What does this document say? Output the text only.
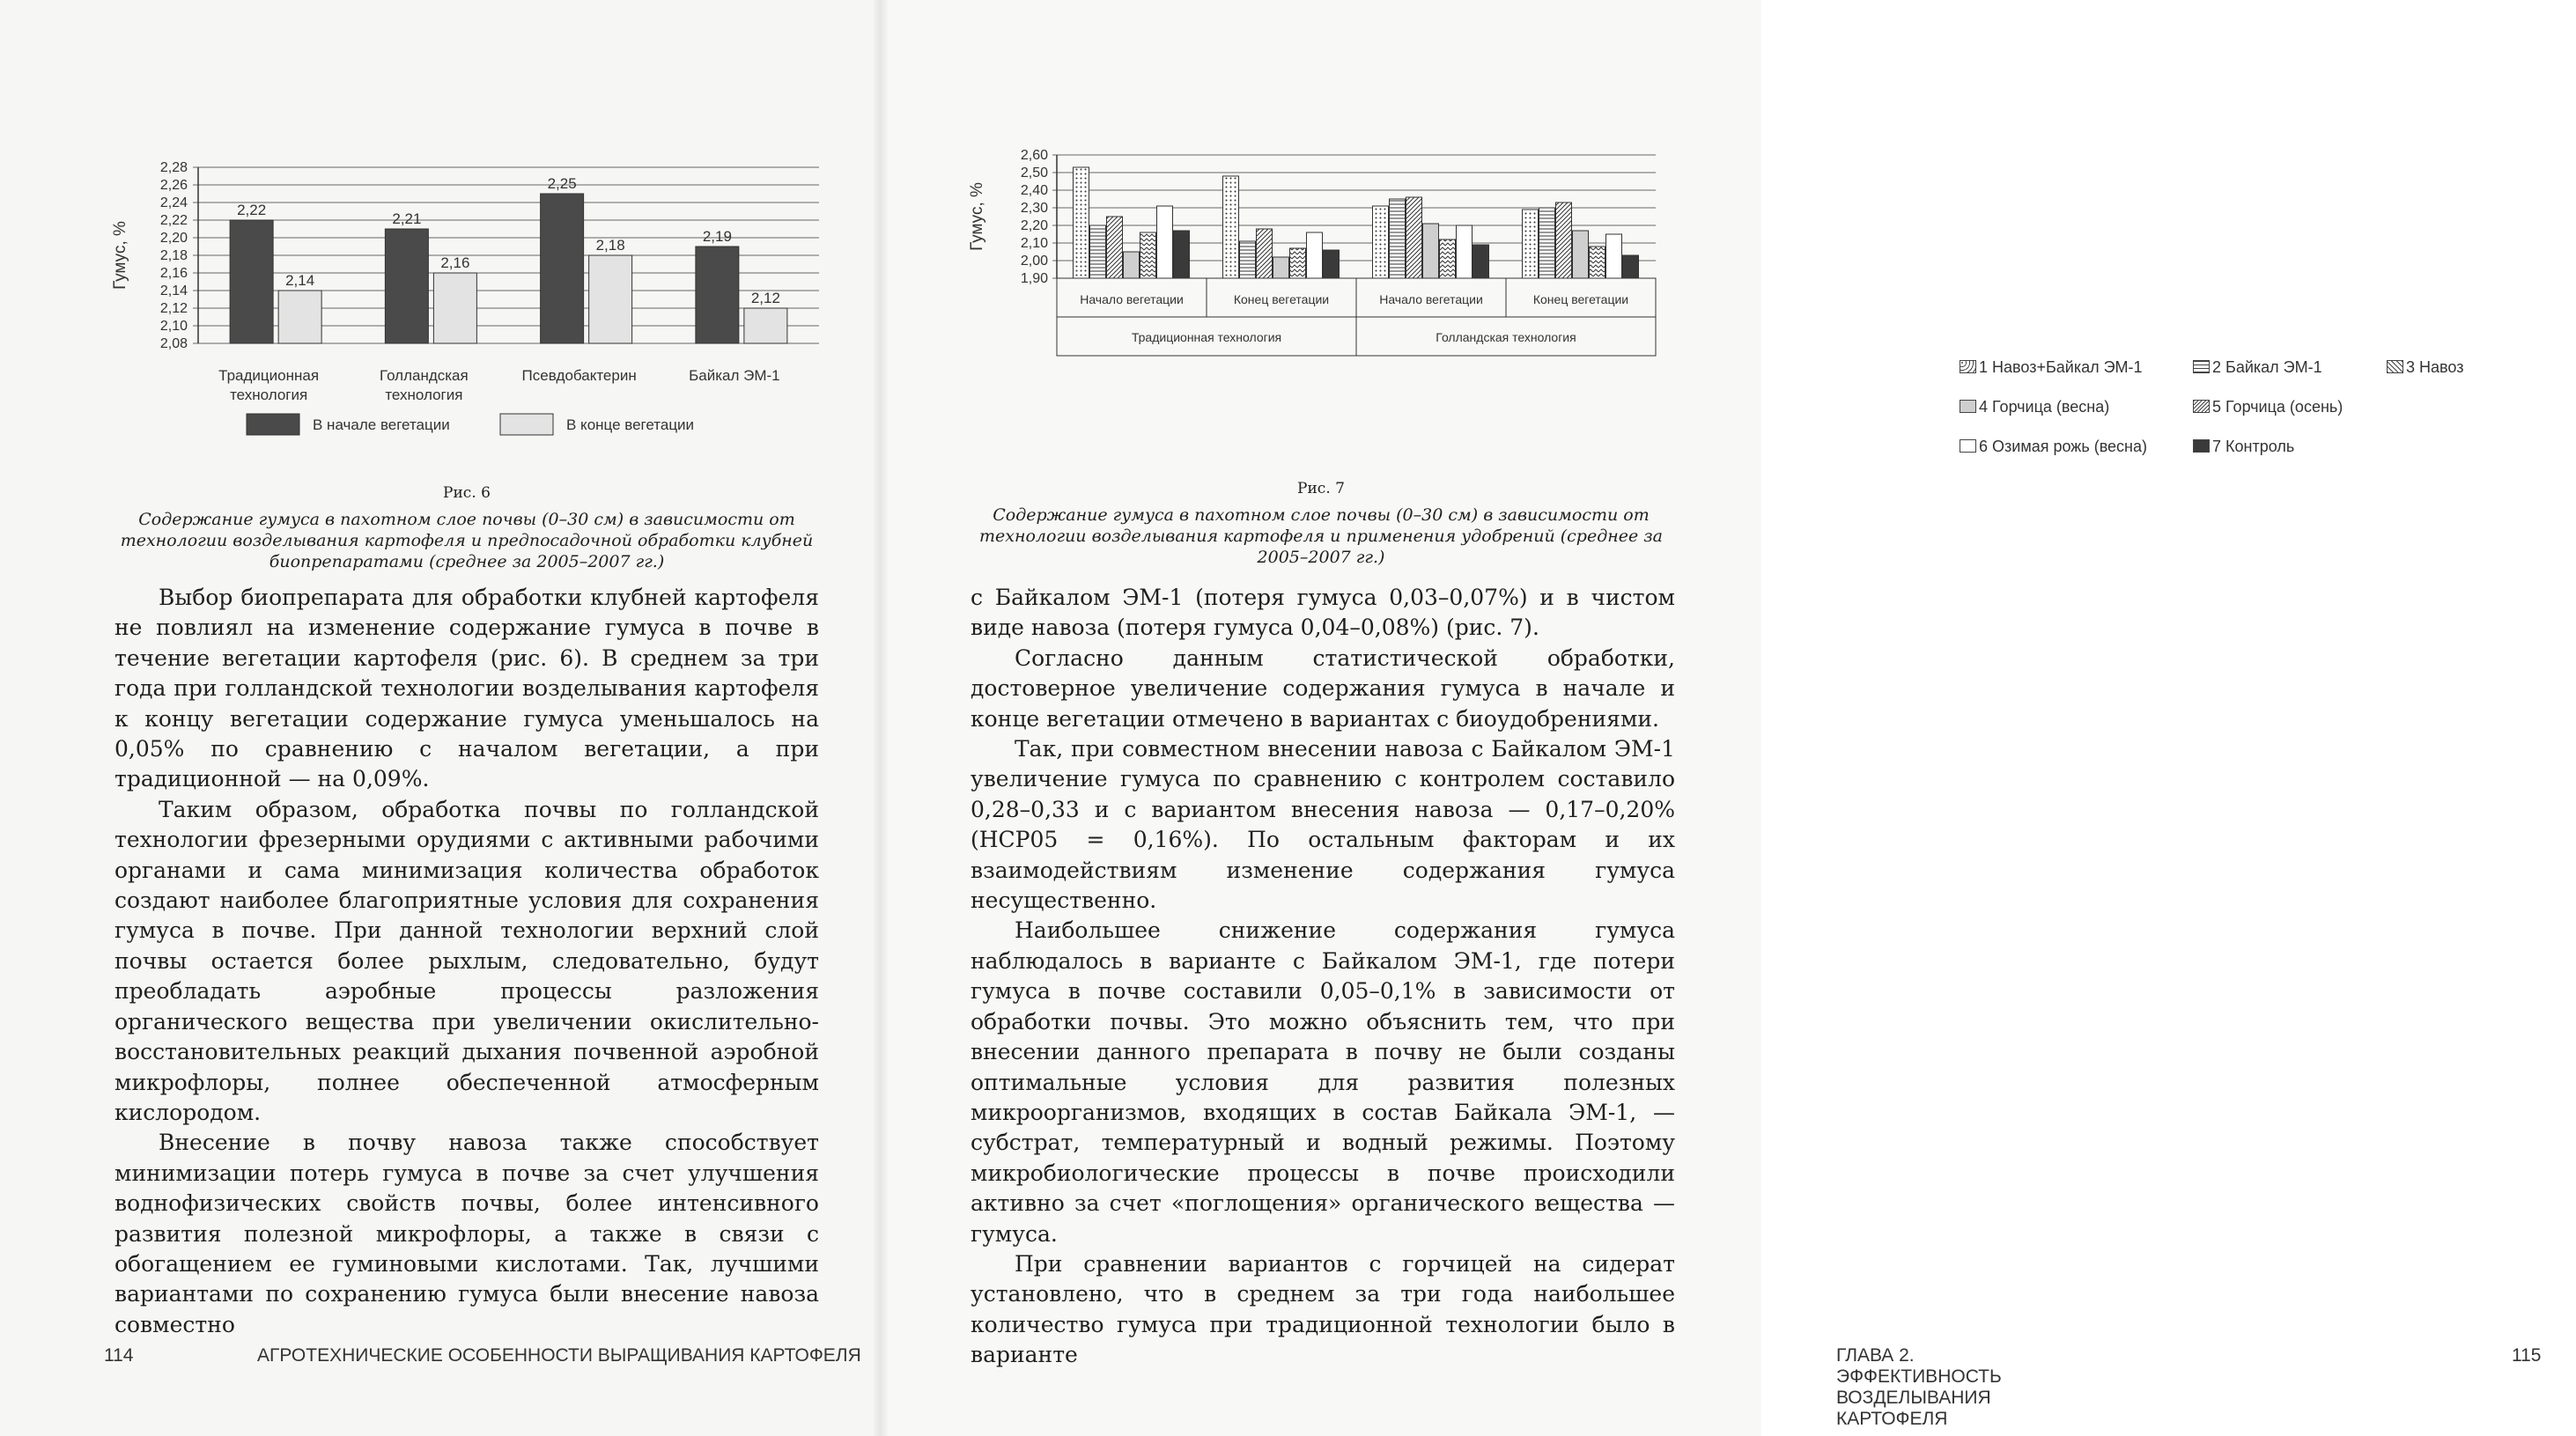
2,08
2,10
2,12
2,14
2,16
2,18
2,20
2,22
2,24
2,26
2,28
Гумус, %
2,22
2,14
Традиционная
технология
2,21
2,16
Голландская
технология
2,25
2,18
Псевдобактерин
2,19
2,12
Байкал ЭМ-1
В начале вегетации	В конце вегетации
Рис. 6
Содержание гумуса в пахотном слое почвы (0–30 см) в зависимости от технологии возделывания картофеля и предпосадочной обработки клубней биопрепаратами (среднее за 2005–2007 гг.)

Выбор биопрепарата для обработки клубней картофеля не повлиял на изменение содержание гумуса в почве в течение вегетации картофеля (рис. 6). В среднем за три года при голландской технологии возделывания картофеля к концу вегетации содержание гумуса уменьшалось на 0,05% по сравнению с началом вегетации, а при традиционной — на 0,09%.

Таким образом, обработка почвы по голландской технологии фрезерными орудиями с активными рабочими органами и сама минимизация количества обработок создают наиболее благоприятные условия для сохранения гумуса в почве. При данной технологии верхний слой почвы остается более рыхлым, следовательно, будут преобладать аэробные процессы разложения органического вещества при увеличении окислительно-восстановительных реакций дыхания почвенной аэробной микрофлоры, полнее обеспеченной атмосферным кислородом.

Внесение в почву навоза также способствует минимизации потерь гумуса в почве за счет улучшения воднофизических свойств почвы, более интенсивного развития полезной микрофлоры, а также в связи с обогащением ее гуминовыми кислотами. Так, лучшими вариантами по сохранению гумуса были внесение навоза совместно

114	АГРОТЕХНИЧЕСКИЕ ОСОБЕННОСТИ ВЫРАЩИВАНИЯ КАРТОФЕЛЯ
1,90
2,00
2,10
2,20
2,30
2,40
2,50
2,60
Гумус, %
Начало вегетации	Конец вегетации	Начало вегетации	Конец вегетации
Традиционная технология	Голландская технология
1 Навоз+Байкал ЭМ-1	2 Байкал ЭМ-1	3 Навоз
4 Горчица (весна)	5 Горчица (осень)
6 Озимая рожь (весна)	7 Контроль
Рис. 7
Содержание гумуса в пахотном слое почвы (0–30 см) в зависимости от технологии возделывания картофеля и применения удобрений (среднее за 2005–2007 гг.)

с Байкалом ЭМ-1 (потеря гумуса 0,03–0,07%) и в чистом виде навоза (потеря гумуса 0,04–0,08%) (рис. 7).

Согласно данным статистической обработки, достоверное увеличение содержания гумуса в начале и конце вегетации отмечено в вариантах с биоудобрениями.

Так, при совместном внесении навоза с Байкалом ЭМ-1 увеличение гумуса по сравнению с контролем составило 0,28–0,33 и с вариантом внесения навоза — 0,17–0,20% (НСР05 = 0,16%). По остальным факторам и их взаимодействиям изменение содержания гумуса несущественно.

Наибольшее снижение содержания гумуса наблюдалось в варианте с Байкалом ЭМ-1, где потери гумуса в почве составили 0,05–0,1% в зависимости от обработки почвы. Это можно объяснить тем, что при внесении данного препарата в почву не были созданы оптимальные условия для развития полезных микроорганизмов, входящих в состав Байкала ЭМ-1, — субстрат, температурный и водный режимы. Поэтому микробиологические процессы в почве происходили активно за счет «поглощения» органического вещества — гумуса.

При сравнении вариантов с горчицей на сидерат установлено, что в среднем за три года наибольшее количество гумуса при традиционной технологии было в варианте	ГЛАВА 2. ЭФФЕКТИВНОСТЬ ВОЗДЕЛЫВАНИЯ КАРТОФЕЛЯ
115
